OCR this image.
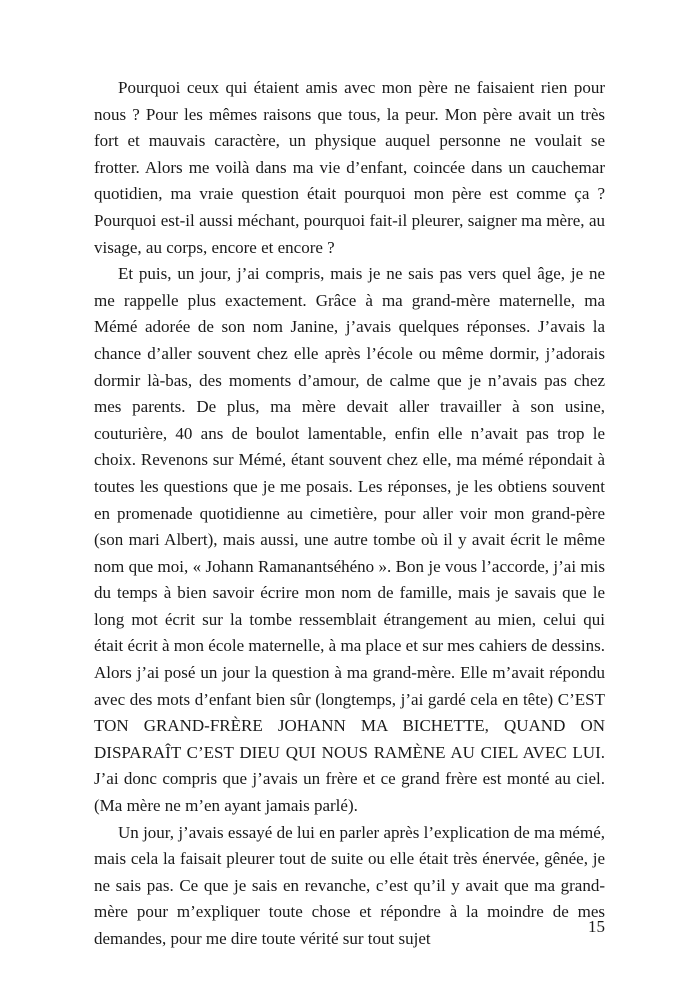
Pourquoi ceux qui étaient amis avec mon père ne faisaient rien pour nous ? Pour les mêmes raisons que tous, la peur. Mon père avait un très fort et mauvais caractère, un physique auquel personne ne voulait se frotter. Alors me voilà dans ma vie d’enfant, coincée dans un cauchemar quotidien, ma vraie question était pourquoi mon père est comme ça ? Pourquoi est-il aussi méchant, pourquoi fait-il pleurer, saigner ma mère, au visage, au corps, encore et encore ?

Et puis, un jour, j’ai compris, mais je ne sais pas vers quel âge, je ne me rappelle plus exactement. Grâce à ma grand-mère maternelle, ma Mémé adorée de son nom Janine, j’avais quelques réponses. J’avais la chance d’aller souvent chez elle après l’école ou même dormir, j’adorais dormir là-bas, des moments d’amour, de calme que je n’avais pas chez mes parents. De plus, ma mère devait aller travailler à son usine, couturière, 40 ans de boulot lamentable, enfin elle n’avait pas trop le choix. Revenons sur Mémé, étant souvent chez elle, ma mémé répondait à toutes les questions que je me posais. Les réponses, je les obtiens souvent en promenade quotidienne au cimetière, pour aller voir mon grand-père (son mari Albert), mais aussi, une autre tombe où il y avait écrit le même nom que moi, « Johann Ramanantséhéno ». Bon je vous l’accorde, j’ai mis du temps à bien savoir écrire mon nom de famille, mais je savais que le long mot écrit sur la tombe ressemblait étrangement au mien, celui qui était écrit à mon école maternelle, à ma place et sur mes cahiers de dessins. Alors j’ai posé un jour la question à ma grand-mère. Elle m’avait répondu avec des mots d’enfant bien sûr (longtemps, j’ai gardé cela en tête) C’EST TON GRAND-FRÈRE JOHANN MA BICHETTE, QUAND ON DISPARAÎT C’EST DIEU QUI NOUS RAMÈNE AU CIEL AVEC LUI. J’ai donc compris que j’avais un frère et ce grand frère est monté au ciel. (Ma mère ne m’en ayant jamais parlé).

Un jour, j’avais essayé de lui en parler après l’explication de ma mémé, mais cela la faisait pleurer tout de suite ou elle était très énervée, gênée, je ne sais pas. Ce que je sais en revanche, c’est qu’il y avait que ma grand-mère pour m’expliquer toute chose et répondre à la moindre de mes demandes, pour me dire toute vérité sur tout sujet

15
